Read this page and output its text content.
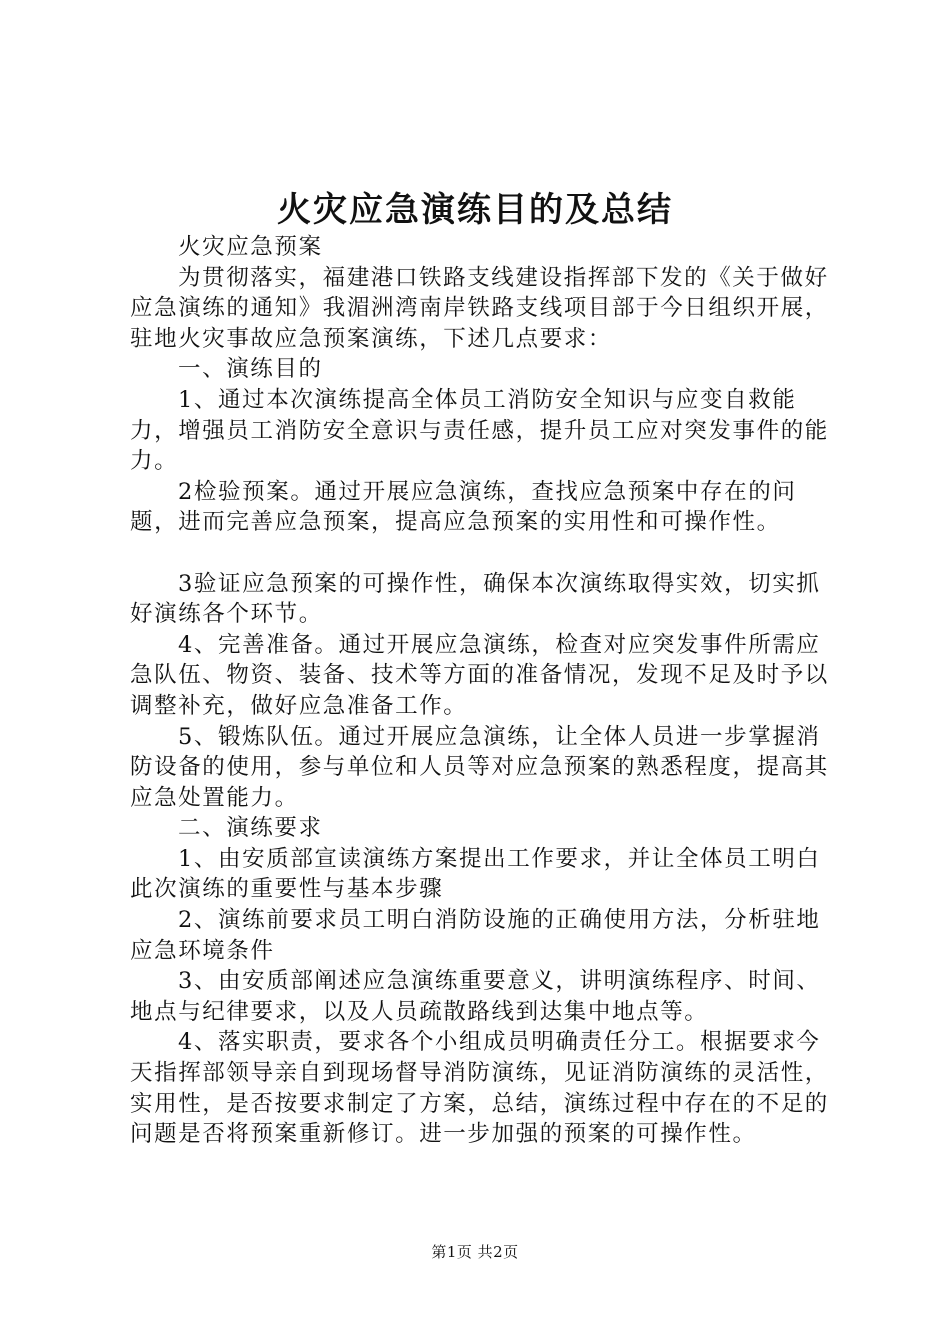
火灾应急演练目的及总结

火灾应急预案

为贯彻落实，福建港口铁路支线建设指挥部下发的《关于做好应急演练的通知》我湄洲湾南岸铁路支线项目部于今日组织开展，驻地火灾事故应急预案演练，下述几点要求：

一、演练目的

1、通过本次演练提高全体员工消防安全知识与应变自救能力，增强员工消防安全意识与责任感，提升员工应对突发事件的能力。

2检验预案。通过开展应急演练，查找应急预案中存在的问题，进而完善应急预案，提高应急预案的实用性和可操作性。

3验证应急预案的可操作性，确保本次演练取得实效，切实抓好演练各个环节。

4、完善准备。通过开展应急演练，检查对应突发事件所需应急队伍、物资、装备、技术等方面的准备情况，发现不足及时予以调整补充，做好应急准备工作。

5、锻炼队伍。通过开展应急演练，让全体人员进一步掌握消防设备的使用，参与单位和人员等对应急预案的熟悉程度，提高其应急处置能力。

二、演练要求

1、由安质部宣读演练方案提出工作要求，并让全体员工明白此次演练的重要性与基本步骤

2、演练前要求员工明白消防设施的正确使用方法，分析驻地应急环境条件

3、由安质部阐述应急演练重要意义，讲明演练程序、时间、地点与纪律要求，以及人员疏散路线到达集中地点等。

4、落实职责，要求各个小组成员明确责任分工。根据要求今天指挥部领导亲自到现场督导消防演练，见证消防演练的灵活性，实用性，是否按要求制定了方案，总结，演练过程中存在的不足的问题是否将预案重新修订。进一步加强的预案的可操作性。

第1页 共2页
